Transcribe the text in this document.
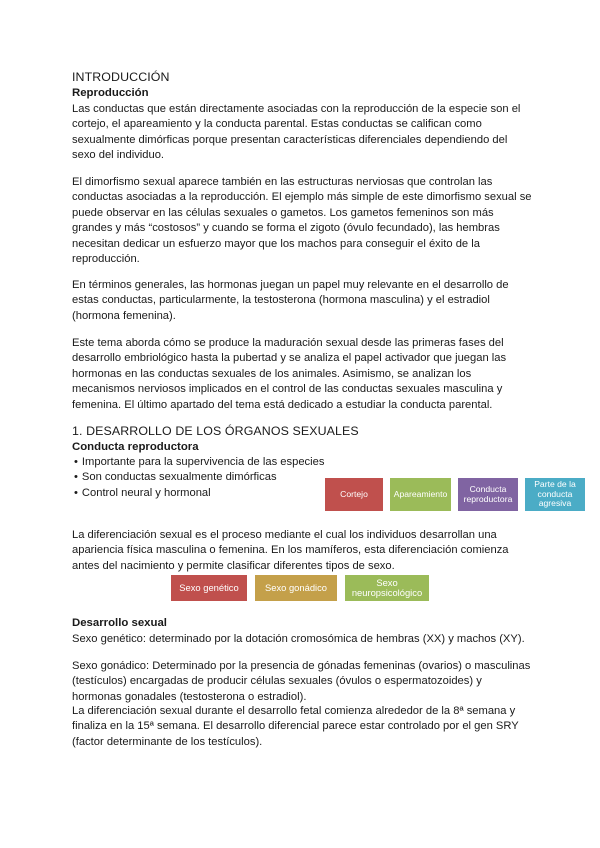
INTRODUCCIÓN

Reproducción

Las conductas que están directamente asociadas con la reproducción de la especie son el cortejo, el apareamiento y la conducta parental. Estas conductas se califican como sexualmente dimórficas porque presentan características diferenciales dependiendo del sexo del individuo.

El dimorfismo sexual aparece también en las estructuras nerviosas que controlan las conductas asociadas a la reproducción. El ejemplo más simple de este dimorfismo sexual se puede observar en las células sexuales o gametos. Los gametos femeninos son más grandes y más “costosos” y cuando se forma el zigoto (óvulo fecundado), las hembras necesitan dedicar un esfuerzo mayor que los machos para conseguir el éxito de la reproducción.

En términos generales, las hormonas juegan un papel muy relevante en el desarrollo de estas conductas, particularmente, la testosterona (hormona masculina) y el estradiol (hormona femenina).

Este tema aborda cómo se produce la maduración sexual desde las primeras fases del desarrollo embriológico hasta la pubertad y se analiza el papel activador que juegan las hormonas en las conductas sexuales de los animales. Asimismo, se analizan los mecanismos nerviosos implicados en el control de las conductas sexuales masculina y femenina. El último apartado del tema está dedicado a estudiar la conducta parental.

1. DESARROLLO DE LOS ÓRGANOS SEXUALES

Conducta reproductora

• Importante para la supervivencia de las especies
• Son conductas sexualmente dimórficas
• Control neural y hormonal	Cortejo	Apareamiento	Conducta reproductora
Parte de la conducta agresiva

La diferenciación sexual es el proceso mediante el cual los individuos desarrollan una apariencia física masculina o femenina. En los mamíferos, esta diferenciación comienza antes del nacimiento y permite clasificar diferentes tipos de sexo.

Sexo genético	Sexo gonádico	Sexo neuropsicológico

Desarrollo sexual

Sexo genético: determinado por la dotación cromosómica de hembras (XX) y machos (XY).

Sexo gonádico: Determinado por la presencia de gónadas femeninas (ovarios) o masculinas (testículos) encargadas de producir células sexuales (óvulos o espermatozoides) y hormonas gonadales (testosterona o estradiol).

La diferenciación sexual durante el desarrollo fetal comienza alrededor de la 8ª semana y finaliza en la 15ª semana. El desarrollo diferencial parece estar controlado por el gen SRY (factor determinante de los testículos).
